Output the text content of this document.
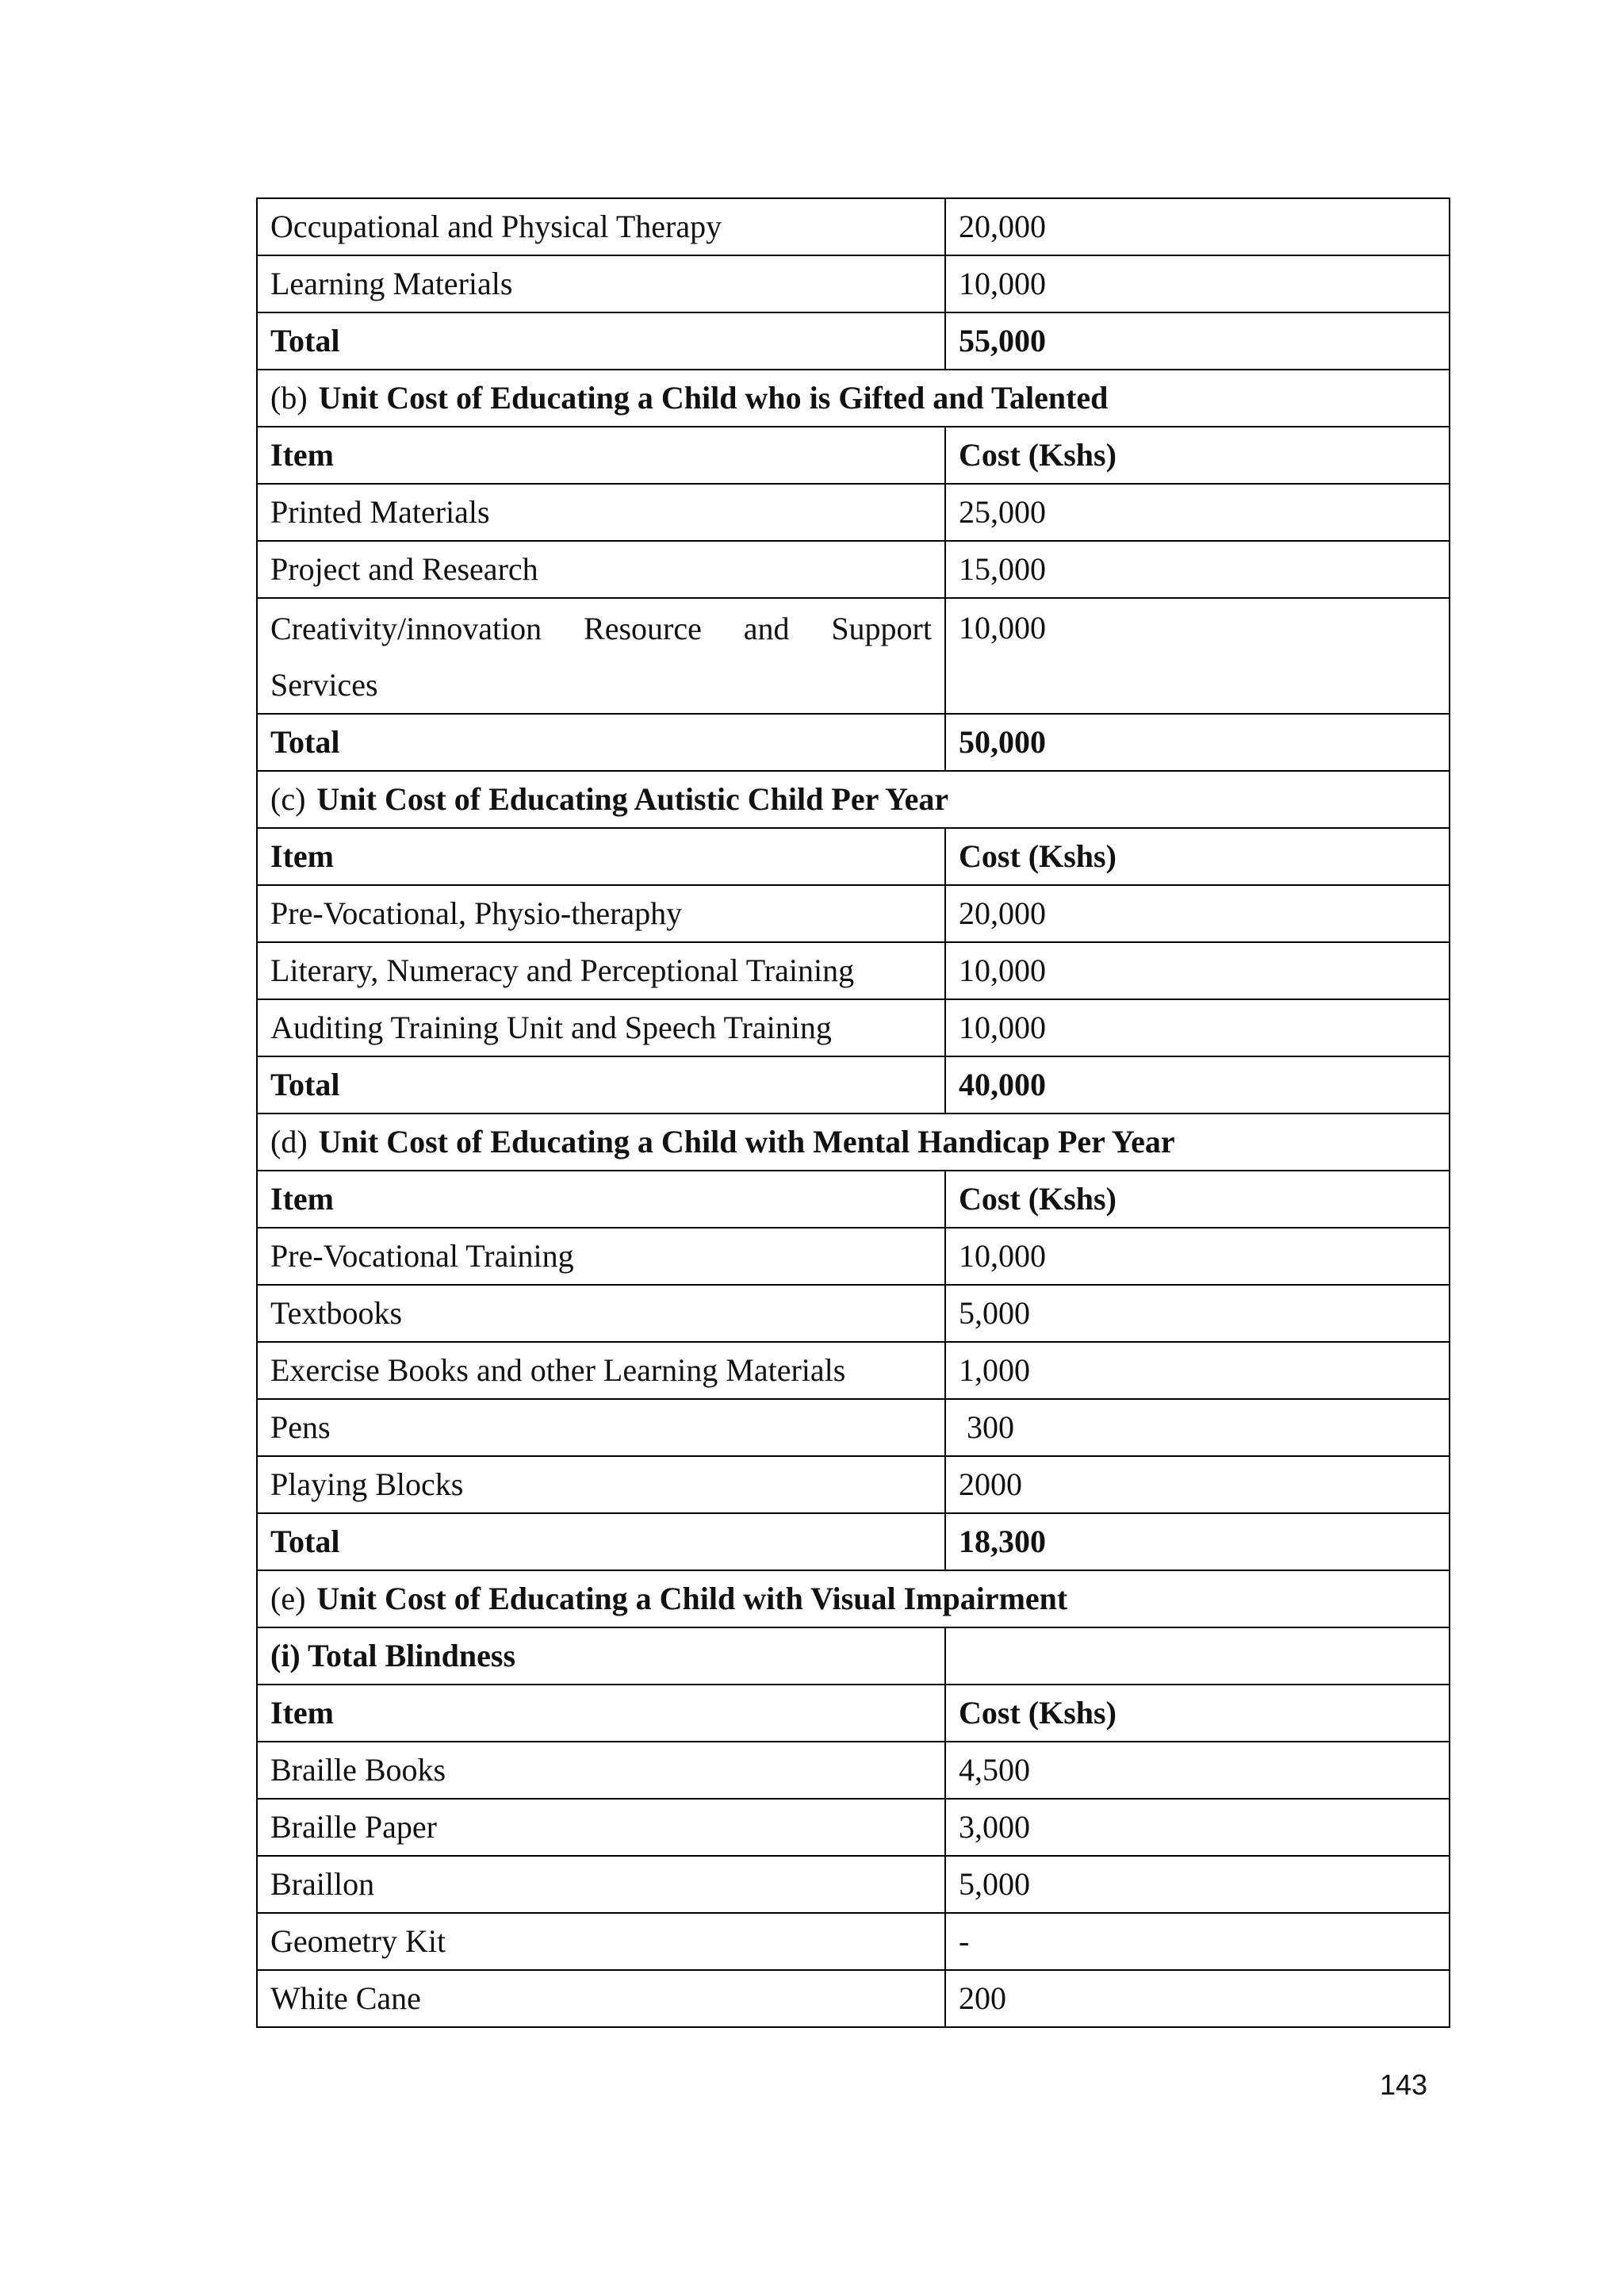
Occupational and Physical Therapy	20,000
Learning Materials	10,000
Total	55,000
(b) Unit Cost of Educating a Child who is Gifted and Talented	
Item	Cost (Kshs)
Printed Materials	25,000
Project and Research	15,000

Creativity/innovation Resource and Support
Services	10,000
Total	50,000
(c) Unit Cost of Educating Autistic Child Per Year	
Item	Cost (Kshs)
Pre-Vocational, Physio-theraphy	20,000
Literary, Numeracy and Perceptional Training	10,000
Auditing Training Unit and Speech Training	10,000
Total	40,000
(d) Unit Cost of Educating a Child with Mental Handicap Per Year	
Item	Cost (Kshs)
Pre-Vocational Training	10,000
Textbooks	5,000
Exercise Books and other Learning Materials	1,000
Pens	300
Playing Blocks	2000
Total	18,300
(e) Unit Cost of Educating a Child with Visual Impairment	
(i) Total Blindness	
Item	Cost (Kshs)
Braille Books	4,500
Braille Paper	3,000
Braillon	5,000
Geometry Kit	-
White Cane	200
143
